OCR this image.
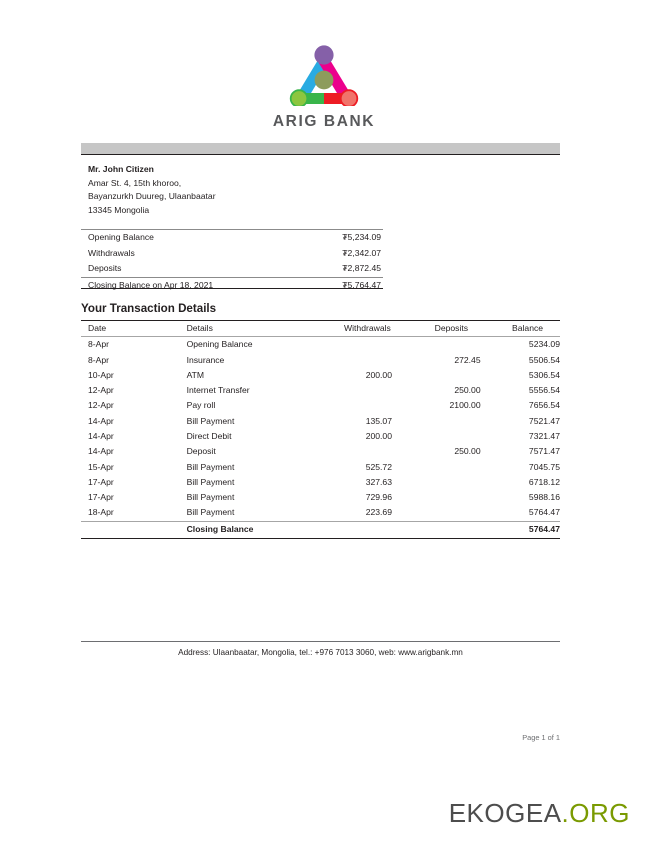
ARIG BANK
Mr. John Citizen
Amar St. 4, 15th khoroo,
Bayanzurkh Duureg, Ulaanbaatar
13345 Mongolia
Opening Balance	₮5,234.09
Withdrawals	₮2,342.07
Deposits	₮2,872.45
Closing Balance on Apr 18, 2021	₮5,764.47
Your Transaction Details
Date	Details	Withdrawals	Deposits	Balance
8-Apr	Opening Balance			5234.09
8-Apr	Insurance		272.45	5506.54
10-Apr	ATM	200.00		5306.54
12-Apr	Internet Transfer		250.00	5556.54
12-Apr	Pay roll		2100.00	7656.54
14-Apr	Bill Payment	135.07		7521.47
14-Apr	Direct Debit	200.00		7321.47
14-Apr	Deposit		250.00	7571.47
15-Apr	Bill Payment	525.72		7045.75
17-Apr	Bill Payment	327.63		6718.12
17-Apr	Bill Payment	729.96		5988.16
18-Apr	Bill Payment	223.69		5764.47
	Closing Balance			5764.47
Address: Ulaanbaatar, Mongolia, tel.: +976 7013 3060, web: www.arigbank.mn
Page 1 of 1
EKOGEA.ORG
